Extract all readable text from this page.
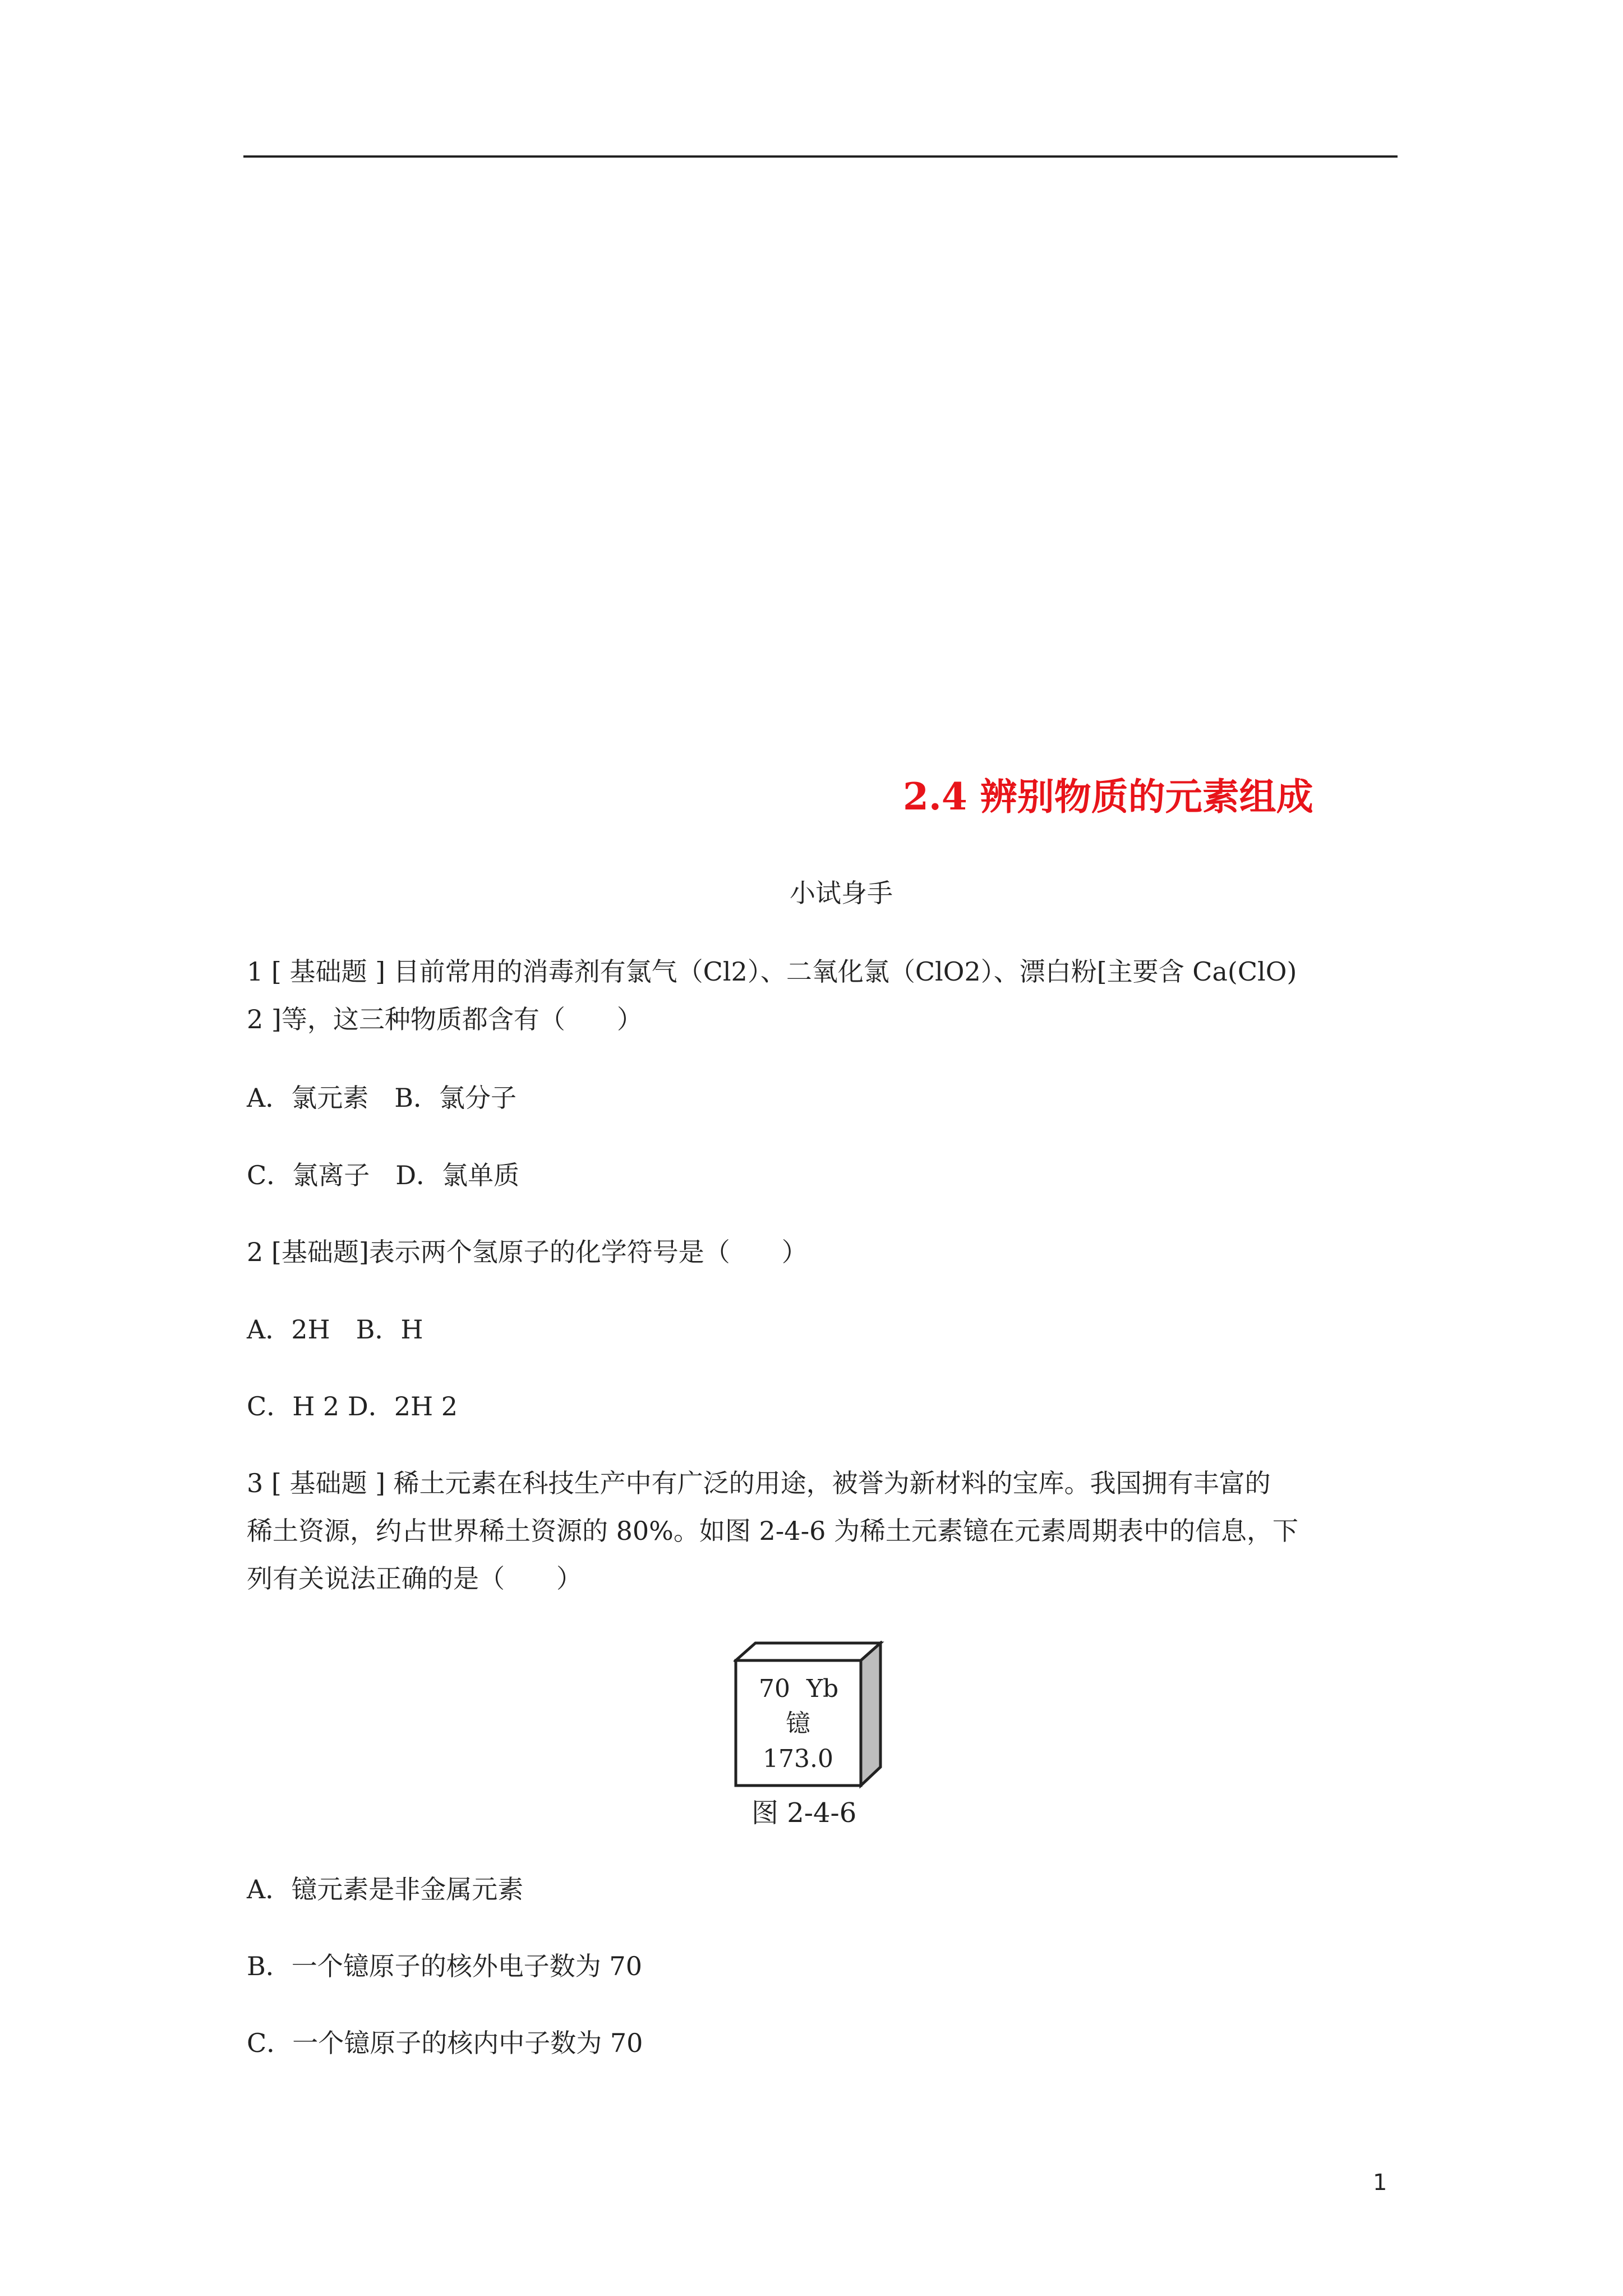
2.4 辨别物质的元素组成
小试身手
1 [ 基础题 ] 目前常用的消毒剂有氯气（Cl2）、二氧化氯（ClO2）、漂白粉[主要含 Ca(ClO)
2 ]等，这三种物质都含有（　　）
A．氯元素　B．氯分子
C．氯离子　D．氯单质
2 [基础题]表示两个氢原子的化学符号是（　　）
A．2H　B．H
C．H 2 D．2H 2
3 [ 基础题 ] 稀土元素在科技生产中有广泛的用途，被誉为新材料的宝库。我国拥有丰富的
稀土资源，约占世界稀土资源的 80%。如图 2-4-6 为稀土元素镱在元素周期表中的信息，下
列有关说法正确的是（　　）
70 Yb
镱
173.0
图 2-4-6
A．镱元素是非金属元素
B．一个镱原子的核外电子数为 70
C．一个镱原子的核内中子数为 70
1
